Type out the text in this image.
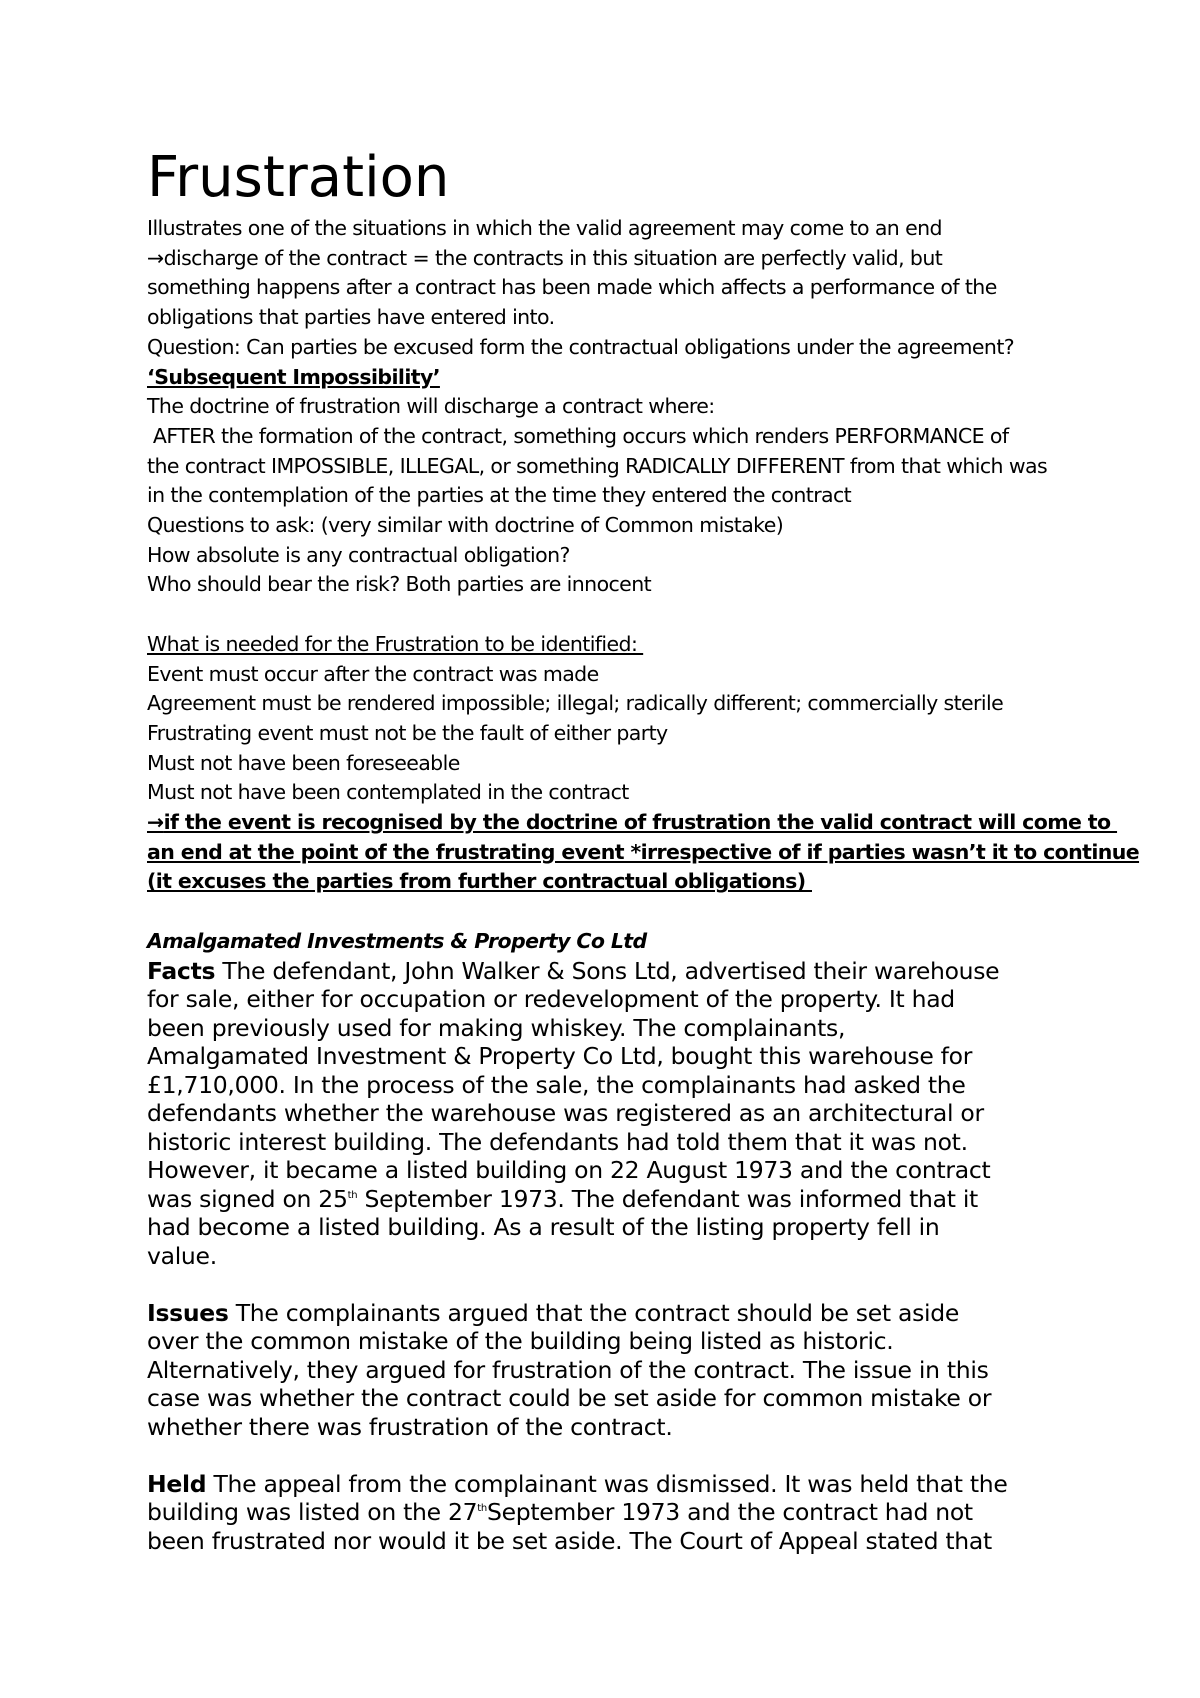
Frustration

Illustrates one of the situations in which the valid agreement may come to an end

→discharge of the contract = the contracts in this situation are perfectly valid, but

something happens after a contract has been made which affects a performance of the

obligations that parties have entered into.

Question: Can parties be excused form the contractual obligations under the agreement?

‘Subsequent Impossibility’

The doctrine of frustration will discharge a contract where:

AFTER the formation of the contract, something occurs which renders PERFORMANCE of

the contract IMPOSSIBLE, ILLEGAL, or something RADICALLY DIFFERENT from that which was

in the contemplation of the parties at the time they entered the contract

Questions to ask: (very similar with doctrine of Common mistake)

How absolute is any contractual obligation?

Who should bear the risk? Both parties are innocent

What is needed for the Frustration to be identified:

Event must occur after the contract was made

Agreement must be rendered impossible; illegal; radically different; commercially sterile

Frustrating event must not be the fault of either party

Must not have been foreseeable

Must not have been contemplated in the contract

→if the event is recognised by the doctrine of frustration the valid contract will come to

an end at the point of the frustrating event *irrespective of if parties wasn’t it to continue

(it excuses the parties from further contractual obligations)

Amalgamated Investments & Property Co Ltd

Facts The defendant, John Walker & Sons Ltd, advertised their warehouse

for sale, either for occupation or redevelopment of the property. It had

been previously used for making whiskey. The complainants,

Amalgamated Investment & Property Co Ltd, bought this warehouse for

£1,710,000. In the process of the sale, the complainants had asked the

defendants whether the warehouse was registered as an architectural or

historic interest building. The defendants had told them that it was not.

However, it became a listed building on 22 August 1973 and the contract

was signed on 25th September 1973. The defendant was informed that it

had become a listed building. As a result of the listing property fell in

value.

Issues The complainants argued that the contract should be set aside

over the common mistake of the building being listed as historic.

Alternatively, they argued for frustration of the contract. The issue in this

case was whether the contract could be set aside for common mistake or

whether there was frustration of the contract.

Held The appeal from the complainant was dismissed. It was held that the

building was listed on the 27thSeptember 1973 and the contract had not

been frustrated nor would it be set aside. The Court of Appeal stated that
